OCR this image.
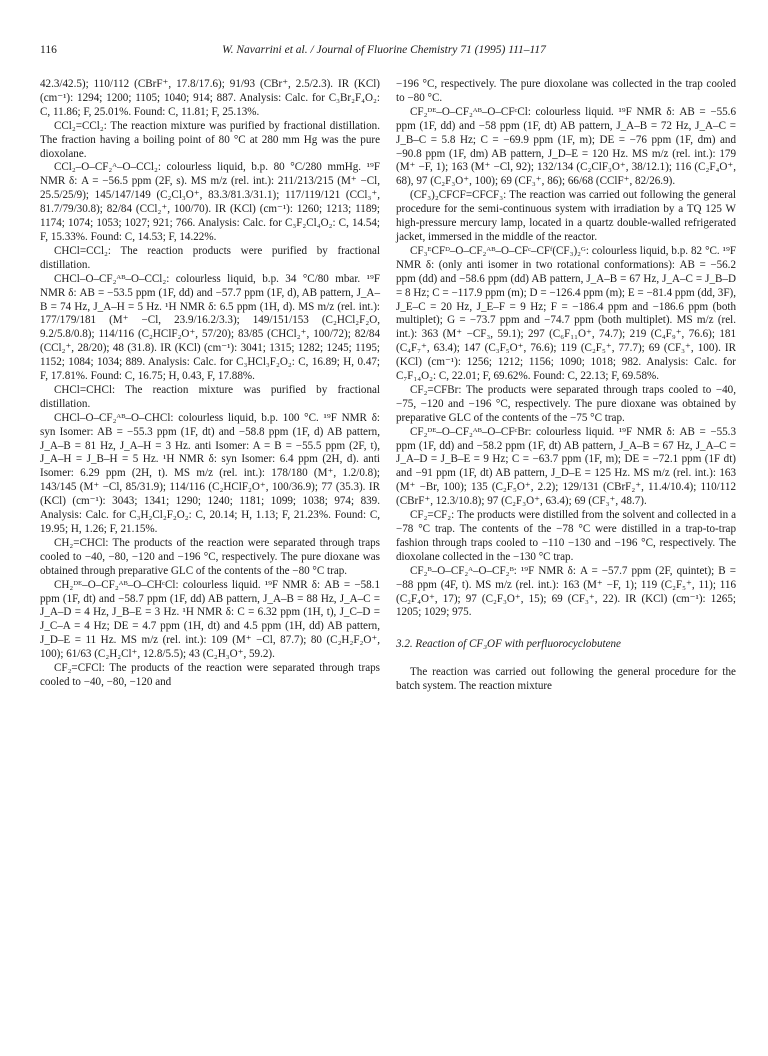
116	W. Navarrini et al. / Journal of Fluorine Chemistry 71 (1995) 111–117

42.3/42.5); 110/112 (CBrF⁺, 17.8/17.6); 91/93 (CBr⁺, 2.5/2.3). IR (KCl) (cm⁻¹): 1294; 1200; 1105; 1040; 914; 887. Analysis: Calc. for C₃Br₂F₄O₂: C, 11.86; F, 25.01%. Found: C, 11.81; F, 25.13%.

CCl₂=CCl₂: The reaction mixture was purified by fractional distillation. The fraction having a boiling point of 80 °C at 280 mm Hg was the pure dioxolane.

CCl₂–O–CF₂ᴬ–O–CCl₂: colourless liquid, b.p. 80 °C/280 mmHg. ¹⁹F NMR δ: A = −56.5 ppm (2F, s). MS m/z (rel. int.): 211/213/215 (M⁺ −Cl, 25.5/25/9); 145/147/149 (C₂Cl₃O⁺, 83.3/81.3/31.1); 117/119/121 (CCl₃⁺, 81.7/79/30.8); 82/84 (CCl₂⁺, 100/70). IR (KCl) (cm⁻¹): 1260; 1213; 1189; 1174; 1074; 1053; 1027; 921; 766. Analysis: Calc. for C₃F₂Cl₄O₂: C, 14.54; F, 15.33%. Found: C, 14.53; F, 14.22%.

CHCl=CCl₂: The reaction products were purified by fractional distillation.

CHCl–O–CF₂ᴬᴮ–O–CCl₂: colourless liquid, b.p. 34 °C/80 mbar. ¹⁹F NMR δ: AB = −53.5 ppm (1F, dd) and −57.7 ppm (1F, d), AB pattern, J_A–B = 74 Hz, J_A–H = 5 Hz. ¹H NMR δ: 6.5 ppm (1H, d). MS m/z (rel. int.): 177/179/181 (M⁺ −Cl, 23.9/16.2/3.3); 149/151/153 (C₂HCl₂F₂O, 9.2/5.8/0.8); 114/116 (C₂HClF₂O⁺, 57/20); 83/85 (CHCl₂⁺, 100/72); 82/84 (CCl₂⁺, 28/20); 48 (31.8). IR (KCl) (cm⁻¹): 3041; 1315; 1282; 1245; 1195; 1152; 1084; 1034; 889. Analysis: Calc. for C₃HCl₃F₂O₂: C, 16.89; H, 0.47; F, 17.81%. Found: C, 16.75; H, 0.43, F, 17.88%.

CHCl=CHCl: The reaction mixture was purified by fractional distillation.

CHCl–O–CF₂ᴬᴮ–O–CHCl: colourless liquid, b.p. 100 °C. ¹⁹F NMR δ: syn Isomer: AB = −55.3 ppm (1F, dt) and −58.8 ppm (1F, d) AB pattern, J_A–B = 81 Hz, J_A–H = 3 Hz. anti Isomer: A = B = −55.5 ppm (2F, t), J_A–H = J_B–H = 5 Hz. ¹H NMR δ: syn Isomer: 6.4 ppm (2H, d). anti Isomer: 6.29 ppm (2H, t). MS m/z (rel. int.): 178/180 (M⁺, 1.2/0.8); 143/145 (M⁺ −Cl, 85/31.9); 114/116 (C₂HClF₂O⁺, 100/36.9); 77 (35.3). IR (KCl) (cm⁻¹): 3043; 1341; 1290; 1240; 1181; 1099; 1038; 974; 839. Analysis: Calc. for C₃H₂Cl₂F₂O₂: C, 20.14; H, 1.13; F, 21.23%. Found: C, 19.95; H, 1.26; F, 21.15%.

CH₂=CHCl: The products of the reaction were separated through traps cooled to −40, −80, −120 and −196 °C, respectively. The pure dioxane was obtained through preparative GLC of the contents of the −80 °C trap.

CH₂ᴰᴱ–O–CF₂ᴬᴮ–O–CHᶜCl: colourless liquid. ¹⁹F NMR δ: AB = −58.1 ppm (1F, dt) and −58.7 ppm (1F, dd) AB pattern, J_A–B = 88 Hz, J_A–C = J_A–D = 4 Hz, J_B–E = 3 Hz. ¹H NMR δ: C = 6.32 ppm (1H, t), J_C–D = J_C–A = 4 Hz; DE = 4.7 ppm (1H, dt) and 4.5 ppm (1H, dd) AB pattern, J_D–E = 11 Hz. MS m/z (rel. int.): 109 (M⁺ −Cl, 87.7); 80 (C₂H₂F₂O⁺, 100); 61/63 (C₂H₂Cl⁺, 12.8/5.5); 43 (C₂H₃O⁺, 59.2).

CF₂=CFCl: The products of the reaction were separated through traps cooled to −40, −80, −120 and

−196 °C, respectively. The pure dioxolane was collected in the trap cooled to −80 °C.

CF₂ᴰᴱ–O–CF₂ᴬᴮ–O–CFᶜCl: colourless liquid. ¹⁹F NMR δ: AB = −55.6 ppm (1F, dd) and −58 ppm (1F, dt) AB pattern, J_A–B = 72 Hz, J_A–C = J_B–C = 5.8 Hz; C = −69.9 ppm (1F, m); DE = −76 ppm (1F, dm) and −90.8 ppm (1F, dm) AB pattern, J_D–E = 120 Hz. MS m/z (rel. int.): 179 (M⁺ −F, 1); 163 (M⁺ −Cl, 92); 132/134 (C₂ClF₃O⁺, 38/12.1); 116 (C₂F₄O⁺, 68), 97 (C₂F₃O⁺, 100); 69 (CF₃⁺, 86); 66/68 (CClF⁺, 82/26.9).

(CF₃)₂CFCF=CFCF₃: The reaction was carried out following the general procedure for the semi-continuous system with irradiation by a TQ 125 W high-pressure mercury lamp, located in a quartz double-walled refrigerated jacket, immersed in the middle of the reactor.

CF₃ᴱCFᴰ–O–CF₂ᴬᴮ–O–CFᶜ–CFᶠ(CF₃)₂ᴳ: colourless liquid, b.p. 82 °C. ¹⁹F NMR δ: (only anti isomer in two rotational conformations): AB = −56.2 ppm (dd) and −58.6 ppm (dd) AB pattern, J_A–B = 67 Hz, J_A–C = J_B–D = 8 Hz; C = −117.9 ppm (m); D = −126.4 ppm (m); E = −81.4 ppm (dd, 3F), J_E–C = 20 Hz, J_E–F = 9 Hz; F = −186.4 ppm and −186.6 ppm (both multiplet); G = −73.7 ppm and −74.7 ppm (both multiplet). MS m/z (rel. int.): 363 (M⁺ −CF₃, 59.1); 297 (C₆F₁₁O⁺, 74.7); 219 (C₄F₉⁺, 76.6); 181 (C₄F₇⁺, 63.4); 147 (C₃F₅O⁺, 76.6); 119 (C₂F₅⁺, 77.7); 69 (CF₃⁺, 100). IR (KCl) (cm⁻¹): 1256; 1212; 1156; 1090; 1018; 982. Analysis: Calc. for C₇F₁₄O₂: C, 22.01; F, 69.62%. Found: C, 22.13; F, 69.58%.

CF₂=CFBr: The products were separated through traps cooled to −40, −75, −120 and −196 °C, respectively. The pure dioxane was obtained by preparative GLC of the contents of the −75 °C trap.

CF₂ᴰᴱ–O–CF₂ᴬᴮ–O–CFᶜBr: colourless liquid. ¹⁹F NMR δ: AB = −55.3 ppm (1F, dd) and −58.2 ppm (1F, dt) AB pattern, J_A–B = 67 Hz, J_A–C = J_A–D = J_B–E = 9 Hz; C = −63.7 ppm (1F, m); DE = −72.1 ppm (1F dt) and −91 ppm (1F, dt) AB pattern, J_D–E = 125 Hz. MS m/z (rel. int.): 163 (M⁺ −Br, 100); 135 (C₂F₅O⁺, 2.2); 129/131 (CBrF₂⁺, 11.4/10.4); 110/112 (CBrF⁺, 12.3/10.8); 97 (C₂F₃O⁺, 63.4); 69 (CF₃⁺, 48.7).

CF₂=CF₂: The products were distilled from the solvent and collected in a −78 °C trap. The contents of the −78 °C were distilled in a trap-to-trap fashion through traps cooled to −110 −130 and −196 °C, respectively. The dioxolane collected in the −130 °C trap.

CF₂ᴮ–O–CF₂ᴬ–O–CF₂ᴮ: ¹⁹F NMR δ: A = −57.7 ppm (2F, quintet); B = −88 ppm (4F, t). MS m/z (rel. int.): 163 (M⁺ −F, 1); 119 (C₂F₅⁺, 11); 116 (C₂F₄O⁺, 17); 97 (C₂F₃O⁺, 15); 69 (CF₃⁺, 22). IR (KCl) (cm⁻¹): 1265; 1205; 1029; 975.

3.2. Reaction of CF₃OF with perfluorocyclobutene

The reaction was carried out following the general procedure for the batch system. The reaction mixture
